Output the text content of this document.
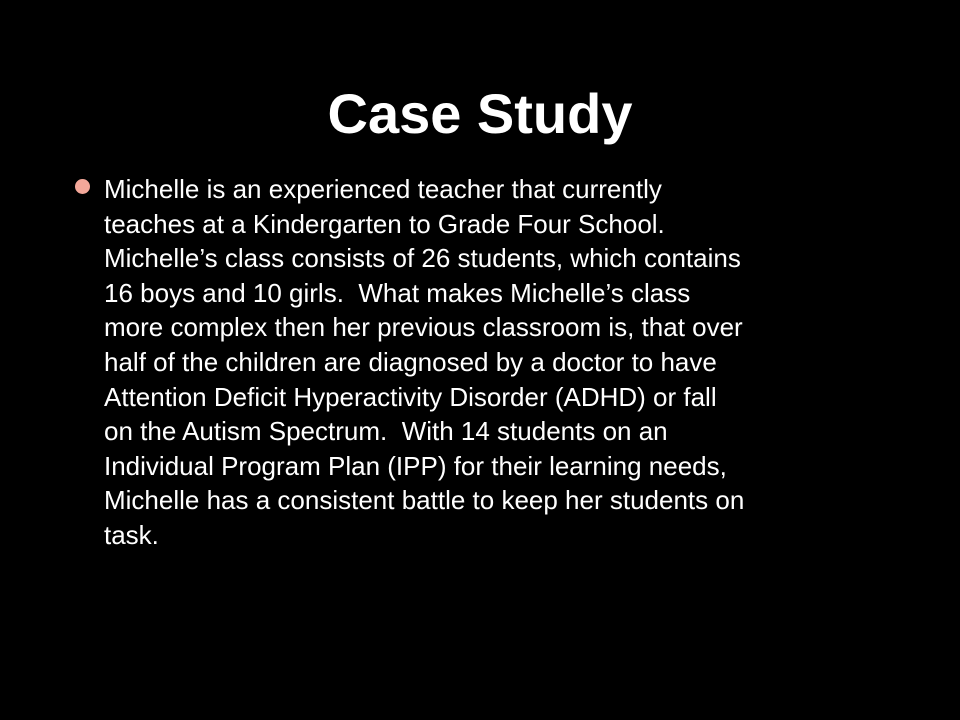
Case Study
Michelle is an experienced teacher that currently
teaches at a Kindergarten to Grade Four School.
Michelle’s class consists of 26 students, which contains
16 boys and 10 girls.  What makes Michelle’s class
more complex then her previous classroom is, that over
half of the children are diagnosed by a doctor to have
Attention Deficit Hyperactivity Disorder (ADHD) or fall
on the Autism Spectrum.  With 14 students on an
Individual Program Plan (IPP) for their learning needs,
Michelle has a consistent battle to keep her students on
task.
